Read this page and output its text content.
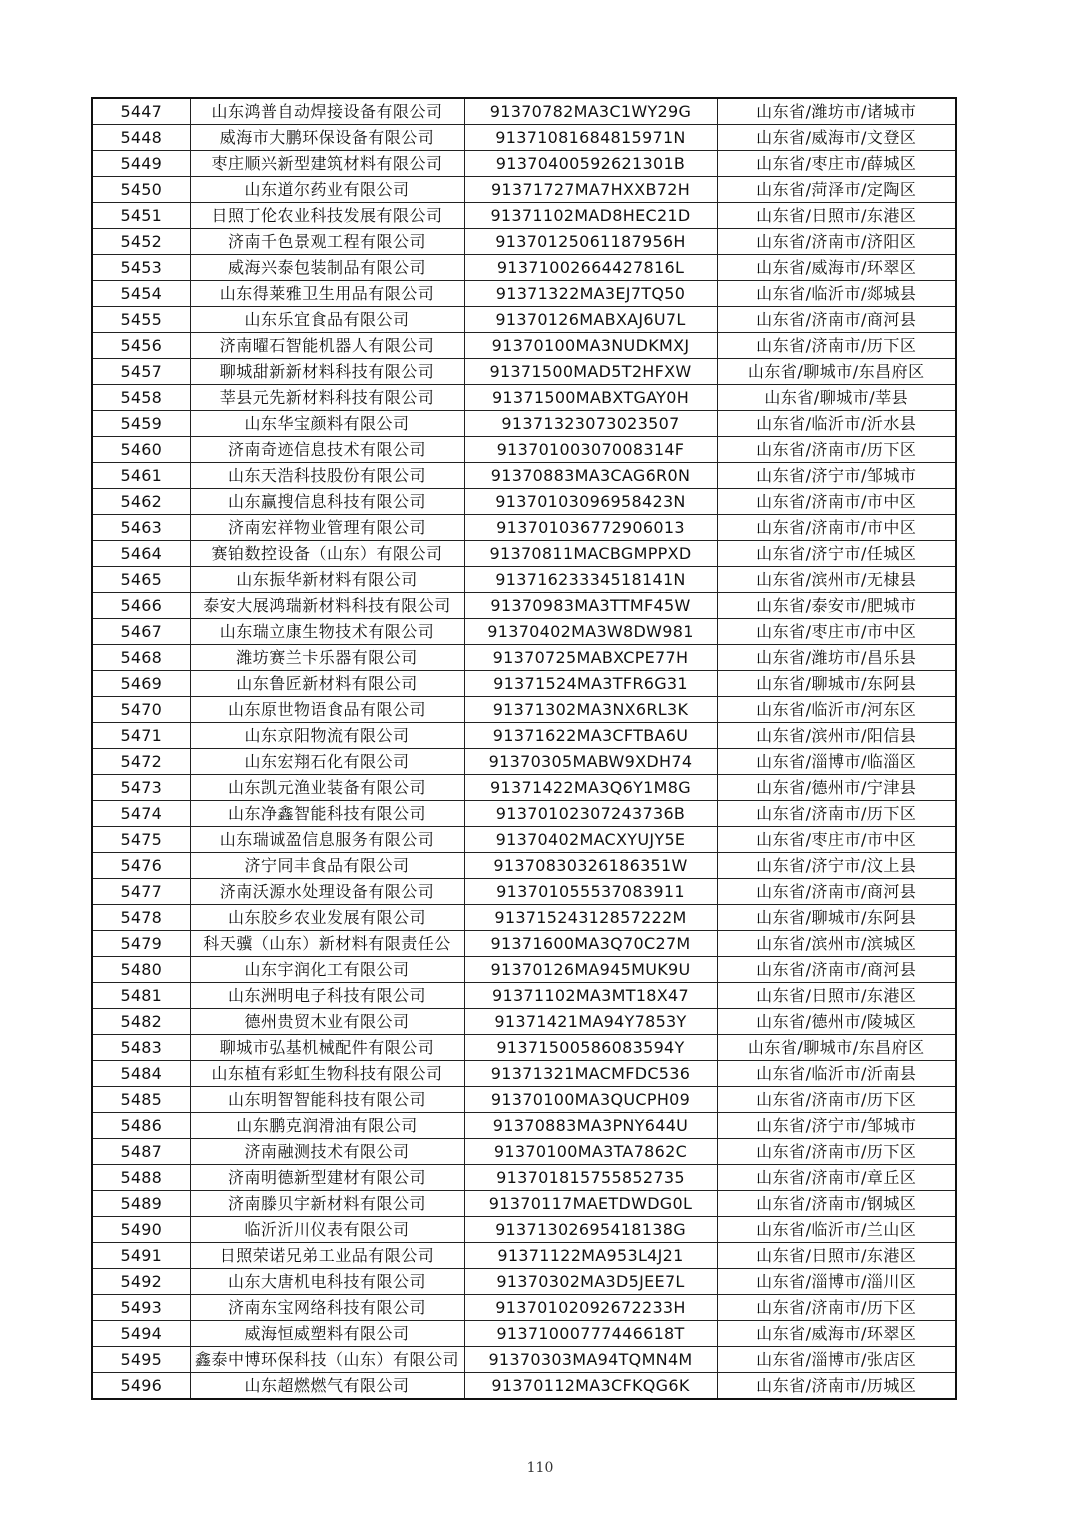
5447	山东鸿普自动焊接设备有限公司	91370782MA3C1WY29G	山东省/潍坊市/诸城市
5448	威海市大鹏环保设备有限公司	91371081684815971N	山东省/威海市/文登区
5449	枣庄顺兴新型建筑材料有限公司	91370400592621301B	山东省/枣庄市/薛城区
5450	山东道尔药业有限公司	91371727MA7HXXB72H	山东省/菏泽市/定陶区
5451	日照丁伦农业科技发展有限公司	91371102MAD8HEC21D	山东省/日照市/东港区
5452	济南千色景观工程有限公司	91370125061187956H	山东省/济南市/济阳区
5453	威海兴泰包装制品有限公司	91371002664427816L	山东省/威海市/环翠区
5454	山东得莱雅卫生用品有限公司	91371322MA3EJ7TQ50	山东省/临沂市/郯城县
5455	山东乐宜食品有限公司	91370126MABXAJ6U7L	山东省/济南市/商河县
5456	济南曜石智能机器人有限公司	91370100MA3NUDKMXJ	山东省/济南市/历下区
5457	聊城甜新新材料科技有限公司	91371500MAD5T2HFXW	山东省/聊城市/东昌府区
5458	莘县元先新材料科技有限公司	91371500MABXTGAY0H	山东省/聊城市/莘县
5459	山东华宝颜料有限公司	91371323073023507	山东省/临沂市/沂水县
5460	济南奇迹信息技术有限公司	91370100307008314F	山东省/济南市/历下区
5461	山东天浩科技股份有限公司	91370883MA3CAG6R0N	山东省/济宁市/邹城市
5462	山东赢搜信息科技有限公司	91370103096958423N	山东省/济南市/市中区
5463	济南宏祥物业管理有限公司	913701036772906013	山东省/济南市/市中区
5464	赛铂数控设备（山东）有限公司	91370811MACBGMPPXD	山东省/济宁市/任城区
5465	山东振华新材料有限公司	91371623334518141N	山东省/滨州市/无棣县
5466	泰安大展鸿瑞新材料科技有限公司	91370983MA3TTMF45W	山东省/泰安市/肥城市
5467	山东瑞立康生物技术有限公司	91370402MA3W8DW981	山东省/枣庄市/市中区
5468	潍坊赛兰卡乐器有限公司	91370725MABXCPE77H	山东省/潍坊市/昌乐县
5469	山东鲁匠新材料有限公司	91371524MA3TFR6G31	山东省/聊城市/东阿县
5470	山东原世物语食品有限公司	91371302MA3NX6RL3K	山东省/临沂市/河东区
5471	山东京阳物流有限公司	91371622MA3CFTBA6U	山东省/滨州市/阳信县
5472	山东宏翔石化有限公司	91370305MABW9XDH74	山东省/淄博市/临淄区
5473	山东凯元渔业装备有限公司	91371422MA3Q6Y1M8G	山东省/德州市/宁津县
5474	山东净鑫智能科技有限公司	91370102307243736B	山东省/济南市/历下区
5475	山东瑞诚盈信息服务有限公司	91370402MACXYUJY5E	山东省/枣庄市/市中区
5476	济宁同丰食品有限公司	91370830326186351W	山东省/济宁市/汶上县
5477	济南沃源水处理设备有限公司	913701055537083911	山东省/济南市/商河县
5478	山东胶乡农业发展有限公司	91371524312857222M	山东省/聊城市/东阿县
5479	科天骥（山东）新材料有限责任公	91371600MA3Q70C27M	山东省/滨州市/滨城区
5480	山东宇润化工有限公司	91370126MA945MUK9U	山东省/济南市/商河县
5481	山东洲明电子科技有限公司	91371102MA3MT18X47	山东省/日照市/东港区
5482	德州贵贸木业有限公司	91371421MA94Y7853Y	山东省/德州市/陵城区
5483	聊城市弘基机械配件有限公司	91371500586083594Y	山东省/聊城市/东昌府区
5484	山东植有彩虹生物科技有限公司	91371321MACMFDC536	山东省/临沂市/沂南县
5485	山东明智智能科技有限公司	91370100MA3QUCPH09	山东省/济南市/历下区
5486	山东鹏克润滑油有限公司	91370883MA3PNY644U	山东省/济宁市/邹城市
5487	济南融测技术有限公司	91370100MA3TA7862C	山东省/济南市/历下区
5488	济南明德新型建材有限公司	91370181575585​2735	山东省/济南市/章丘区
5489	济南滕贝宇新材料有限公司	91370117MAETDWDG0L	山东省/济南市/钢城区
5490	临沂沂川仪表有限公司	91371302695418138G	山东省/临沂市/兰山区
5491	日照荣诺兄弟工业品有限公司	91371122MA953L4J21	山东省/日照市/东港区
5492	山东大唐机电科技有限公司	91370302MA3D5JEE7L	山东省/淄博市/淄川区
5493	济南东宝网络科技有限公司	91370102092672233H	山东省/济南市/历下区
5494	威海恒威塑料有限公司	91371000777446618T	山东省/威海市/环翠区
5495	鑫泰中博环保科技（山东）有限公司	91370303MA94TQMN4M	山东省/淄博市/张店区
5496	山东超燃燃气有限公司	91370112MA3CFKQG6K	山东省/济南市/历城区
110
